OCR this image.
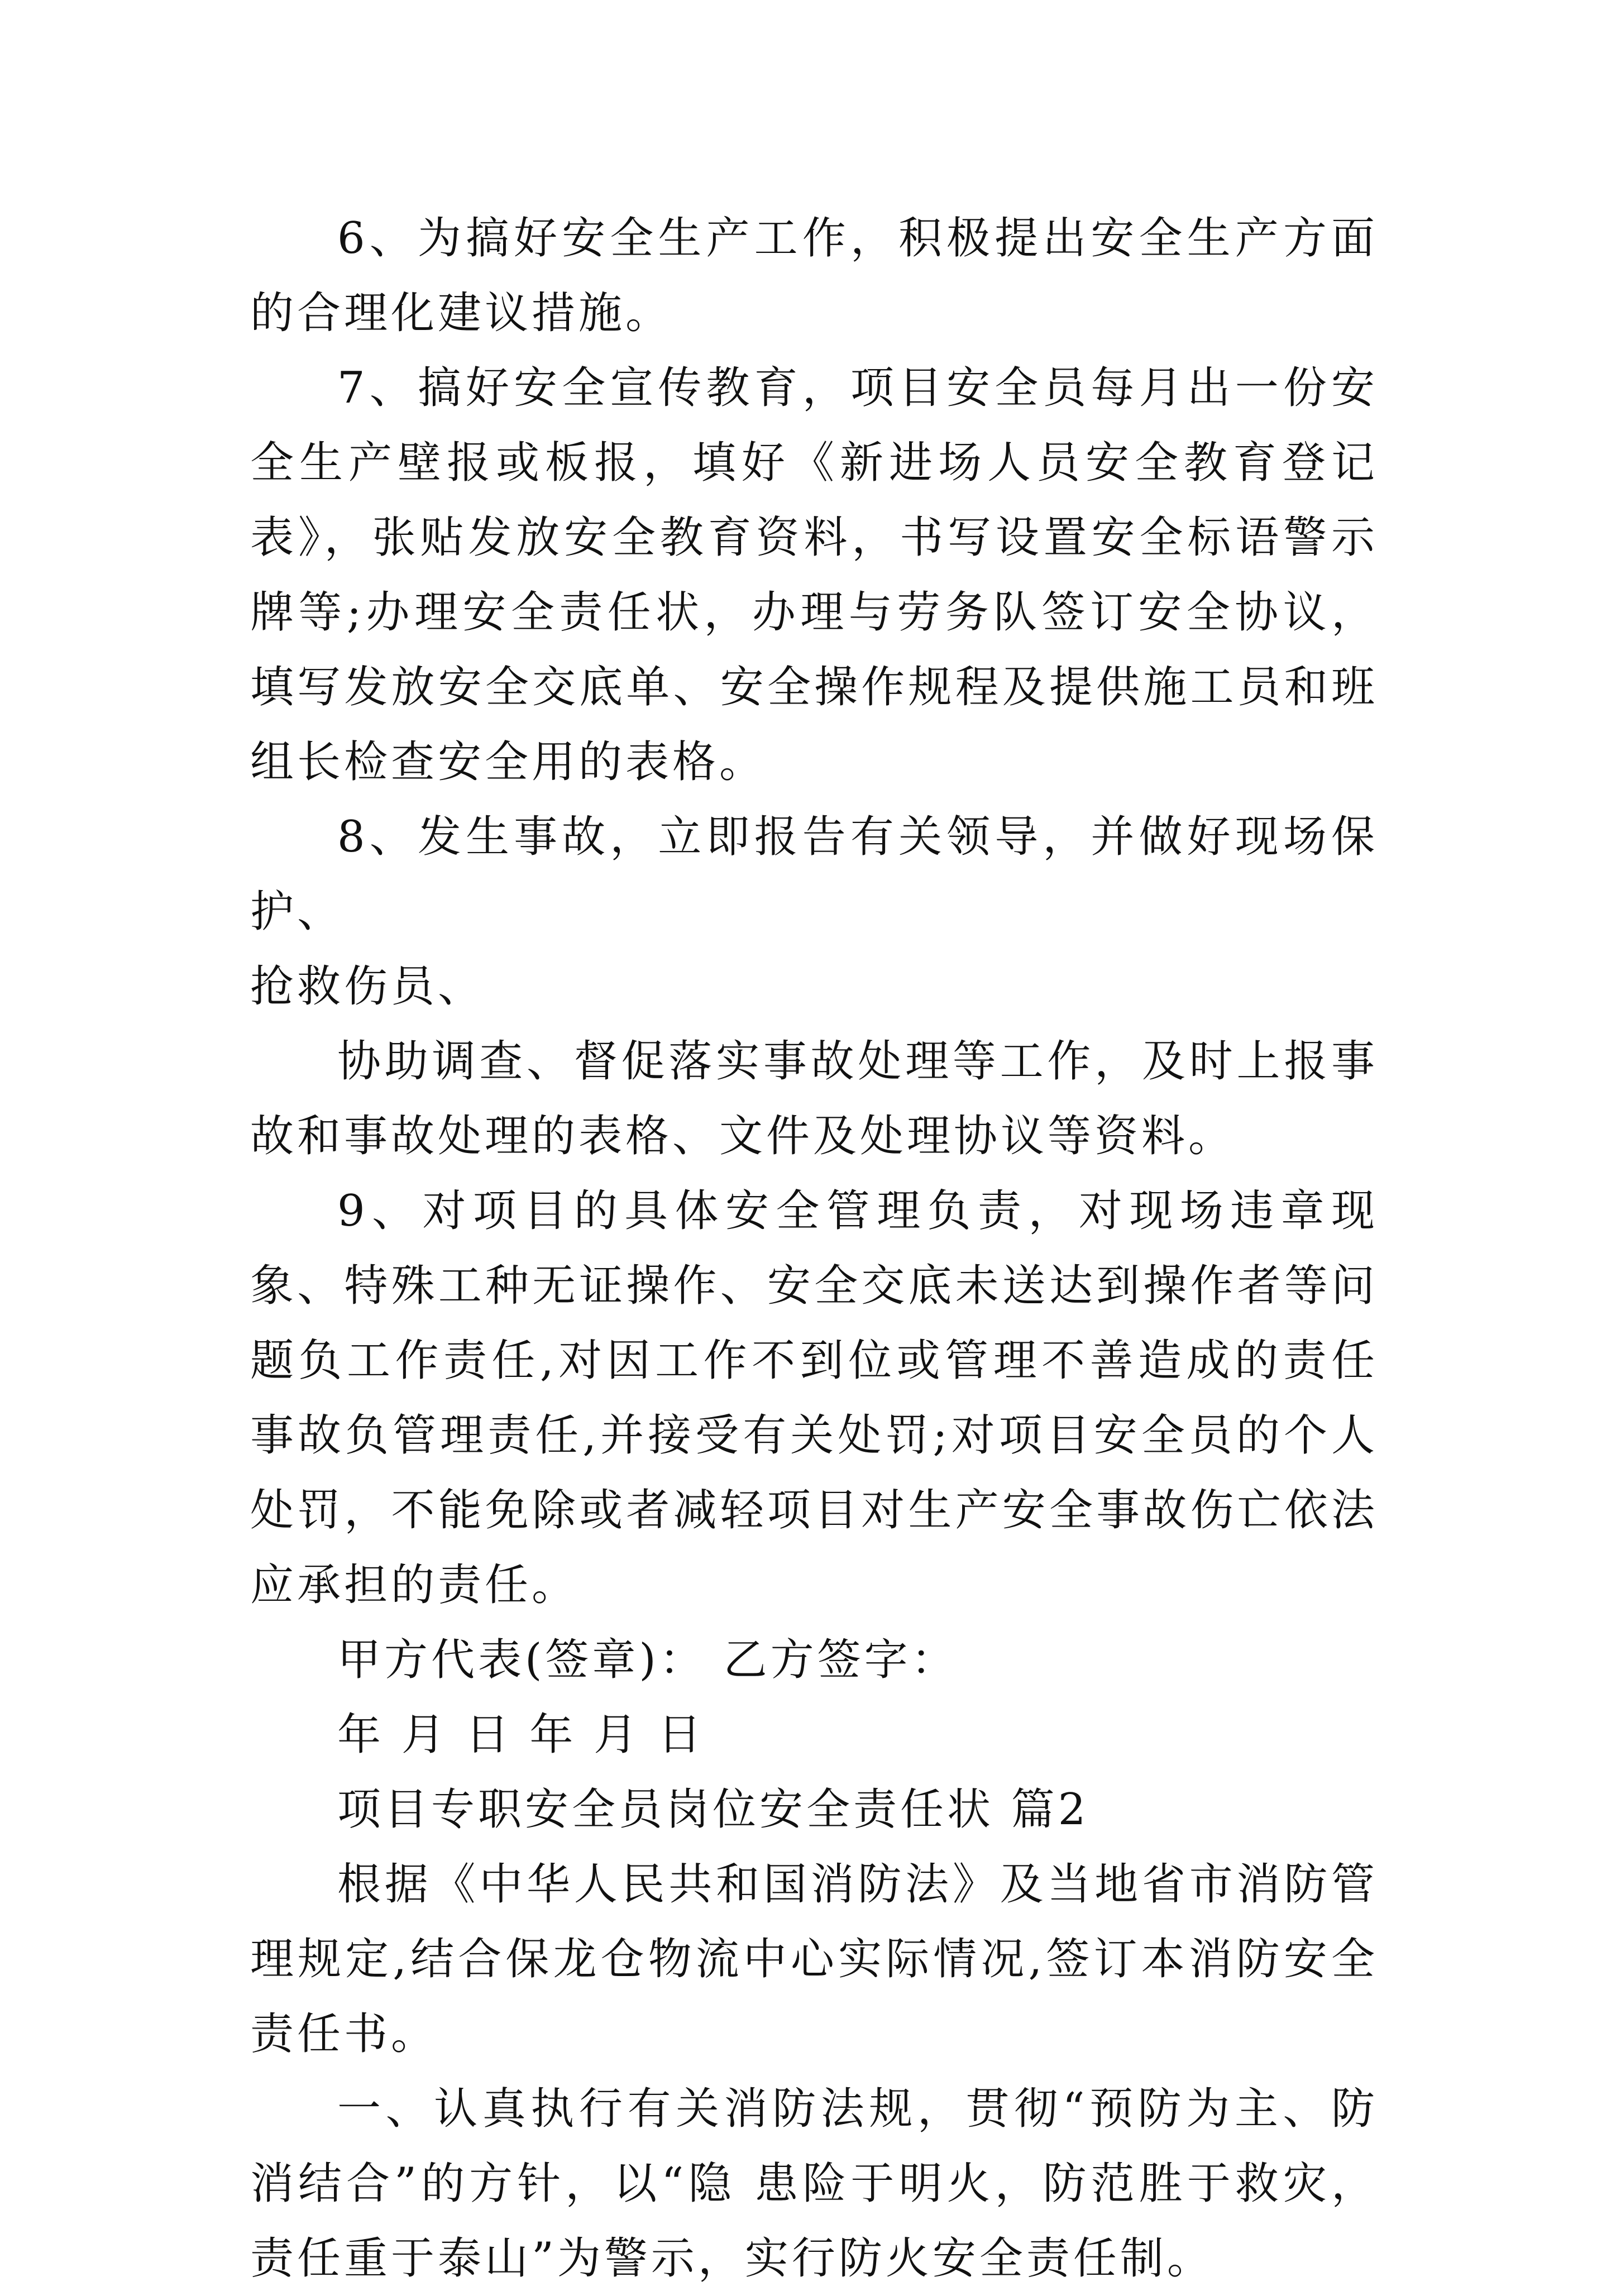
6、为搞好安全生产工作，积极提出安全生产方面的合理化建议措施。

7、搞好安全宣传教育，项目安全员每月出一份安全生产壁报或板报，填好《新进场人员安全教育登记表》，张贴发放安全教育资料，书写设置安全标语警示牌等;办理安全责任状，办理与劳务队签订安全协议，填写发放安全交底单、安全操作规程及提供施工员和班组长检查安全用的表格。

8、发生事故，立即报告有关领导，并做好现场保护、

抢救伤员、

协助调查、督促落实事故处理等工作，及时上报事故和事故处理的表格、文件及处理协议等资料。

9、对项目的具体安全管理负责，对现场违章现象、特殊工种无证操作、安全交底未送达到操作者等问题负工作责任,对因工作不到位或管理不善造成的责任事故负管理责任,并接受有关处罚;对项目安全员的个人处罚，不能免除或者减轻项目对生产安全事故伤亡依法应承担的责任。

甲方代表(签章)： 乙方签字：

年 月 日 年 月 日

项目专职安全员岗位安全责任状 篇2

根据《中华人民共和国消防法》及当地省市消防管理规定,结合保龙仓物流中心实际情况,签订本消防安全责任书。

一、认真执行有关消防法规，贯彻“预防为主、防消结合”的方针，以“隐 患险于明火，防范胜于救灾，责任重于泰山”为警示，实行防火安全责任制。
